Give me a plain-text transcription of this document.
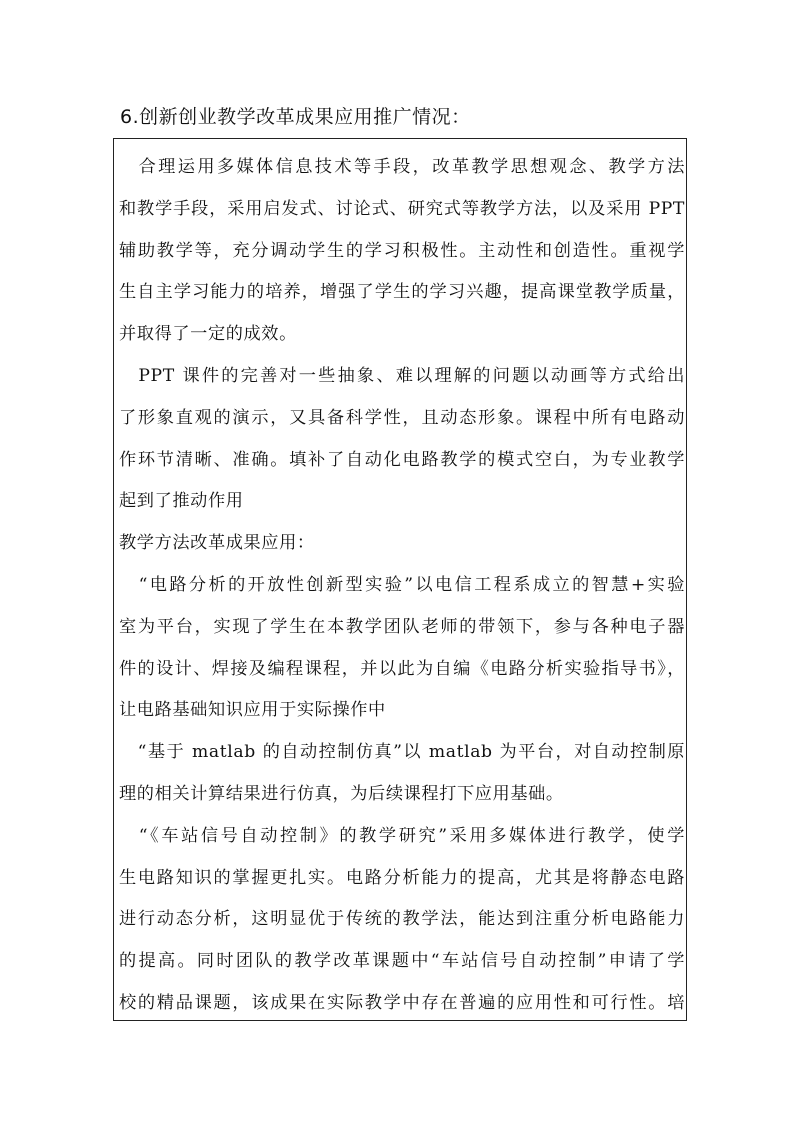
6.创新创业教学改革成果应用推广情况：
　合理运用多媒体信息技术等手段，改革教学思想观念、教学方法
和教学手段，采用启发式、讨论式、研究式等教学方法，以及采用 PPT
辅助教学等，充分调动学生的学习积极性。主动性和创造性。重视学
生自主学习能力的培养，增强了学生的学习兴趣，提高课堂教学质量，
并取得了一定的成效。
　PPT 课件的完善对一些抽象、难以理解的问题以动画等方式给出
了形象直观的演示，又具备科学性，且动态形象。课程中所有电路动
作环节清晰、准确。填补了自动化电路教学的模式空白，为专业教学
起到了推动作用
教学方法改革成果应用：
　“电路分析的开放性创新型实验”以电信工程系成立的智慧+实验
室为平台，实现了学生在本教学团队老师的带领下，参与各种电子器
件的设计、焊接及编程课程，并以此为自编《电路分析实验指导书》，
让电路基础知识应用于实际操作中
　“基于 matlab 的自动控制仿真”以 matlab 为平台，对自动控制原
理的相关计算结果进行仿真，为后续课程打下应用基础。
　“《车站信号自动控制》的教学研究”采用多媒体进行教学，使学
生电路知识的掌握更扎实。电路分析能力的提高，尤其是将静态电路
进行动态分析，这明显优于传统的教学法，能达到注重分析电路能力
的提高。同时团队的教学改革课题中“车站信号自动控制”申请了学
校的精品课题，该成果在实际教学中存在普遍的应用性和可行性。培
